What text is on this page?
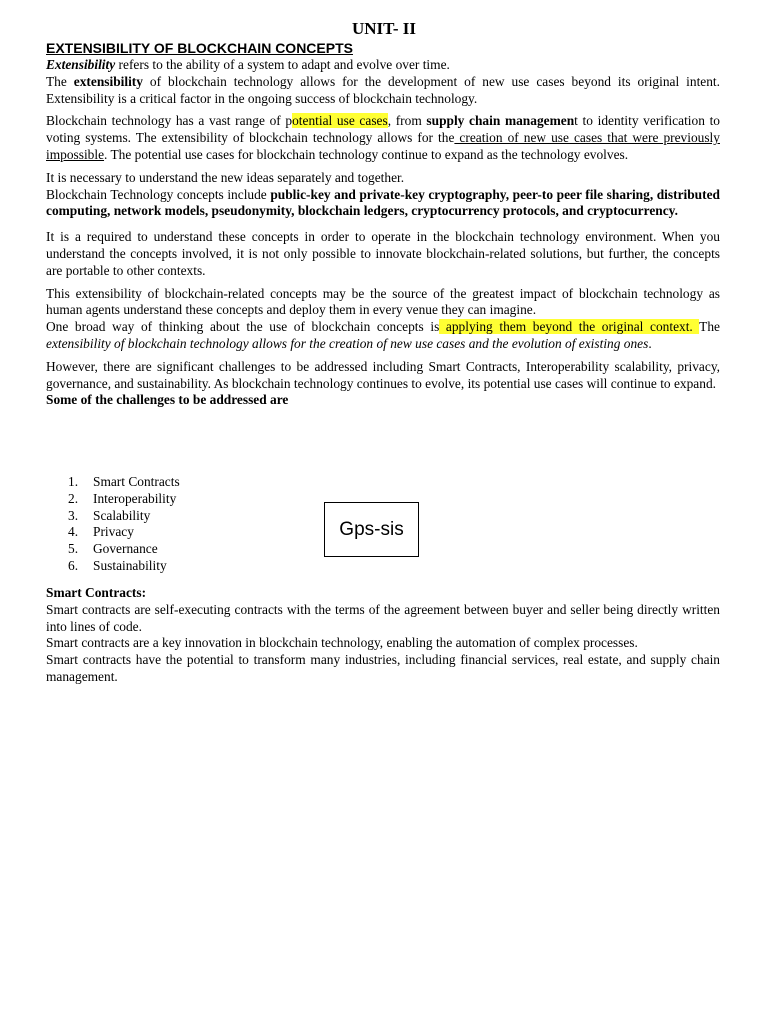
UNIT- II
EXTENSIBILITY OF BLOCKCHAIN CONCEPTS

Extensibility refers to the ability of a system to adapt and evolve over time.

The extensibility of blockchain technology allows for the development of new use cases beyond its original intent. Extensibility is a critical factor in the ongoing success of blockchain technology.

Blockchain technology has a vast range of potential use cases, from supply chain management to identity verification to voting systems. The extensibility of blockchain technology allows for the creation of new use cases that were previously impossible. The potential use cases for blockchain technology continue to expand as the technology evolves.

It is necessary to understand the new ideas separately and together.

Blockchain Technology concepts include public-key and private-key cryptography, peer-to peer file sharing, distributed computing, network models, pseudonymity, blockchain ledgers, cryptocurrency protocols, and cryptocurrency.

It is a required to understand these concepts in order to operate in the blockchain technology environment. When you understand the concepts involved, it is not only possible to innovate blockchain-related solutions, but further, the concepts are portable to other contexts.

This extensibility of blockchain-related concepts may be the source of the greatest impact of blockchain technology as human agents understand these concepts and deploy them in every venue they can imagine.

One broad way of thinking about the use of blockchain concepts is applying them beyond the original context. The extensibility of blockchain technology allows for the creation of new use cases and the evolution of existing ones.

However, there are significant challenges to be addressed including Smart Contracts, Interoperability scalability, privacy, governance, and sustainability. As blockchain technology continues to evolve, its potential use cases will continue to expand.

Some of the challenges to be addressed are

1.	Smart Contracts
2.	Interoperability
3.	Scalability
4.	Privacy
5.	Governance
6.	Sustainability
Gps-sis

Smart Contracts:

Smart contracts are self-executing contracts with the terms of the agreement between buyer and seller being directly written into lines of code.

Smart contracts are a key innovation in blockchain technology, enabling the automation of complex processes.

Smart contracts have the potential to transform many industries, including financial services, real estate, and supply chain management.
